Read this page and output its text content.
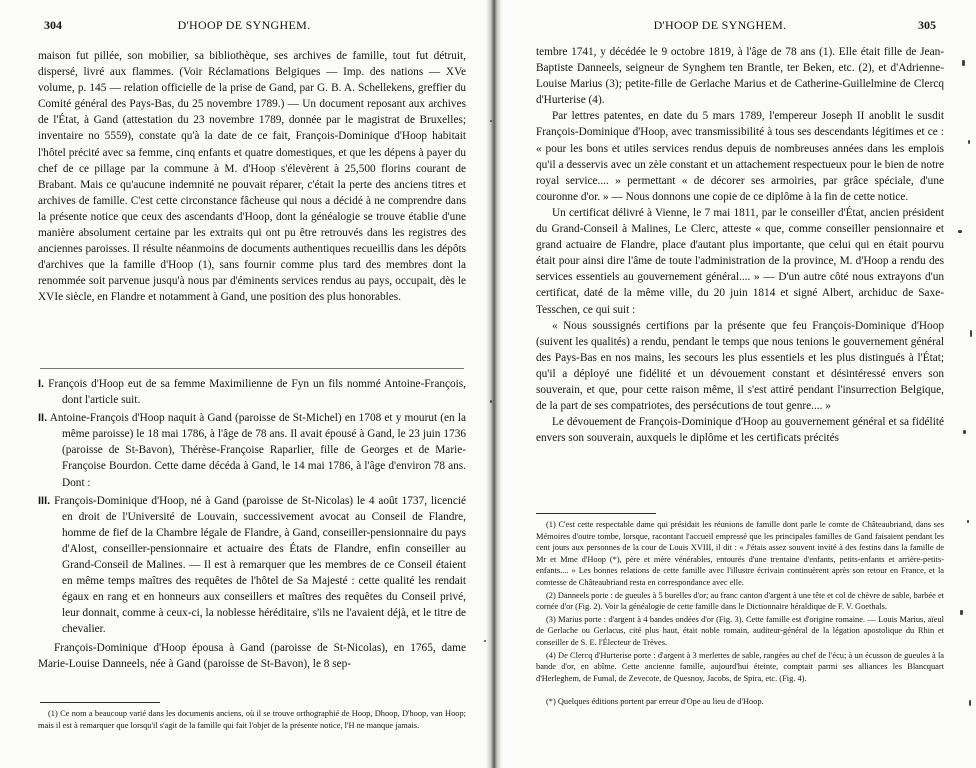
304	D'HOOP DE SYNGHEM.

maison fut pillée, son mobilier, sa bibliothèque, ses archives de famille, tout fut détruit, dispersé, livré aux flammes. (Voir Réclamations Belgiques — Imp. des nations — XVe volume, p. 145 — relation officielle de la prise de Gand, par G. B. A. Schellekens, greffier du Comité général des Pays-Bas, du 25 novembre 1789.) — Un document reposant aux archives de l'État, à Gand (attestation du 23 novembre 1789, donnée par le magistrat de Bruxelles; inventaire no 5559), constate qu'à la date de ce fait, François-Dominique d'Hoop habitait l'hôtel précité avec sa femme, cinq enfants et quatre domestiques, et que les dépens à payer du chef de ce pillage par la commune à M. d'Hoop s'élevèrent à 25,500 florins courant de Brabant. Mais ce qu'aucune indemnité ne pouvait réparer, c'était la perte des anciens titres et archives de famille. C'est cette circonstance fâcheuse qui nous a décidé à ne comprendre dans la présente notice que ceux des ascendants d'Hoop, dont la généalogie se trouve établie d'une manière absolument certaine par les extraits qui ont pu être retrouvés dans les registres des anciennes paroisses. Il résulte néanmoins de documents authentiques recueillis dans les dépôts d'archives que la famille d'Hoop (1), sans fournir comme plus tard des membres dont la renommée soit parvenue jusqu'à nous par d'éminents services rendus au pays, occupait, dès le XVIe siècle, en Flandre et notamment à Gand, une position des plus honorables.

I. François d'Hoop eut de sa femme Maximilienne de Fyn un fils nommé Antoine-François, dont l'article suit.
II. Antoine-François d'Hoop naquit à Gand (paroisse de St-Michel) en 1708 et y mourut (en la même paroisse) le 18 mai 1786, à l'âge de 78 ans. Il avait épousé à Gand, le 23 juin 1736 (paroisse de St-Bavon), Thérèse-Françoise Raparlier, fille de Georges et de Marie-Françoise Bourdon. Cette dame décéda à Gand, le 14 mai 1786, à l'âge d'environ 78 ans. Dont :
III. François-Dominique d'Hoop, né à Gand (paroisse de St-Nicolas) le 4 août 1737, licencié en droit de l'Université de Louvain, successivement avocat au Conseil de Flandre, homme de fief de la Chambre légale de Flandre, à Gand, conseiller-pensionnaire du pays d'Alost, conseiller-pensionnaire et actuaire des États de Flandre, enfin conseiller au Grand-Conseil de Malines. — Il est à remarquer que les membres de ce Conseil étaient en même temps maîtres des requêtes de l'hôtel de Sa Majesté : cette qualité les rendait égaux en rang et en honneurs aux conseillers et maîtres des requêtes du Conseil privé, leur donnait, comme à ceux-ci, la noblesse héréditaire, s'ils ne l'avaient déjà, et le titre de chevalier.

François-Dominique d'Hoop épousa à Gand (paroisse de St-Nicolas), en 1765, dame Marie-Louise Danneels, née à Gand (paroisse de St-Bavon), le 8 sep-

(1) Ce nom a beaucoup varié dans les documents anciens, où il se trouve orthographié de Hoop, Dhoop, D'hoop, van Hoop; mais il est à remarquer que lorsqu'il s'agit de la famille qui fait l'objet de la présente notice, l'H ne manque jamais.

D'HOOP DE SYNGHEM.	305

tembre 1741, y décédée le 9 octobre 1819, à l'âge de 78 ans (1). Elle était fille de Jean-Baptiste Danneels, seigneur de Synghem ten Brantle, ter Beken, etc. (2), et d'Adrienne-Louise Marius (3); petite-fille de Gerlache Marius et de Catherine-Guillelmine de Clercq d'Hurterise (4).

Par lettres patentes, en date du 5 mars 1789, l'empereur Joseph II anoblit le susdit François-Dominique d'Hoop, avec transmissibilité à tous ses descendants légitimes et ce : « pour les bons et utiles services rendus depuis de nombreuses années dans les emplois qu'il a desservis avec un zèle constant et un attachement respectueux pour le bien de notre royal service.... » permettant « de décorer ses armoiries, par grâce spéciale, d'une couronne d'or. » — Nous donnons une copie de ce diplôme à la fin de cette notice.

Un certificat délivré à Vienne, le 7 mai 1811, par le conseiller d'État, ancien président du Grand-Conseil à Malines, Le Clerc, atteste « que, comme conseiller pensionnaire et grand actuaire de Flandre, place d'autant plus importante, que celui qui en était pourvu était pour ainsi dire l'âme de toute l'administration de la province, M. d'Hoop a rendu des services essentiels au gouvernement général.... » — D'un autre côté nous extrayons d'un certificat, daté de la même ville, du 20 juin 1814 et signé Albert, archiduc de Saxe-Tesschen, ce qui suit :

« Nous soussignés certifions par la présente que feu François-Dominique d'Hoop (suivent les qualités) a rendu, pendant le temps que nous tenions le gouvernement général des Pays-Bas en nos mains, les secours les plus essentiels et les plus distingués à l'État; qu'il a déployé une fidélité et un dévouement constant et désintéressé envers son souverain, et que, pour cette raison même, il s'est attiré pendant l'insurrection Belgique, de la part de ses compatriotes, des persécutions de tout genre.... »

Le dévouement de François-Dominique d'Hoop au gouvernement général et sa fidélité envers son souverain, auxquels le diplôme et les certificats précités

(1) C'est cette respectable dame qui présidait les réunions de famille dont parle le comte de Châteaubriand, dans ses Mémoires d'outre tombe, lorsque, racontant l'accueil empressé que les principales familles de Gand faisaient pendant les cent jours aux personnes de la cour de Louis XVIII, il dit : « J'étais assez souvent invité à des festins dans la famille de Mr et Mme d'Hoop (*), père et mère vénérables, entourés d'une trentaine d'enfants, petits-enfants et arrière-petits-enfants.... » Les bonnes relations de cette famille avec l'illustre écrivain continuèrent après son retour en France, et la comtesse de Châteaubriand resta en correspondance avec elle.

(2) Danneels porte : de gueules à 5 burelles d'or; au franc canton d'argent à une tête et col de chèvre de sable, barbée et cornée d'or (Fig. 2). Voir la généalogie de cette famille dans le Dictionnaire héraldique de F. V. Goethals.

(3) Marius porte : d'argent à 4 bandes ondées d'or (Fig. 3). Cette famille est d'origine romaine. — Louis Marius, aïeul de Gerlache ou Gerlacus, cité plus haut, était noble romain, auditeur-général de la légation apostolique du Rhin et conseiller de S. E. l'Électeur de Trèves.

(4) De Clercq d'Hurterise porte : d'argent à 3 merlettes de sable, rangées au chef de l'écu; à un écusson de gueules à la bande d'or, en abîme. Cette ancienne famille, aujourd'hui éteinte, comptait parmi ses alliances les Blancquart d'Herleghem, de Fumal, de Zevecote, de Quesnoy, Jacobs, de Spira, etc. (Fig. 4).

(*) Quelques éditions portent par erreur d'Ope au lieu de d'Hoop.
